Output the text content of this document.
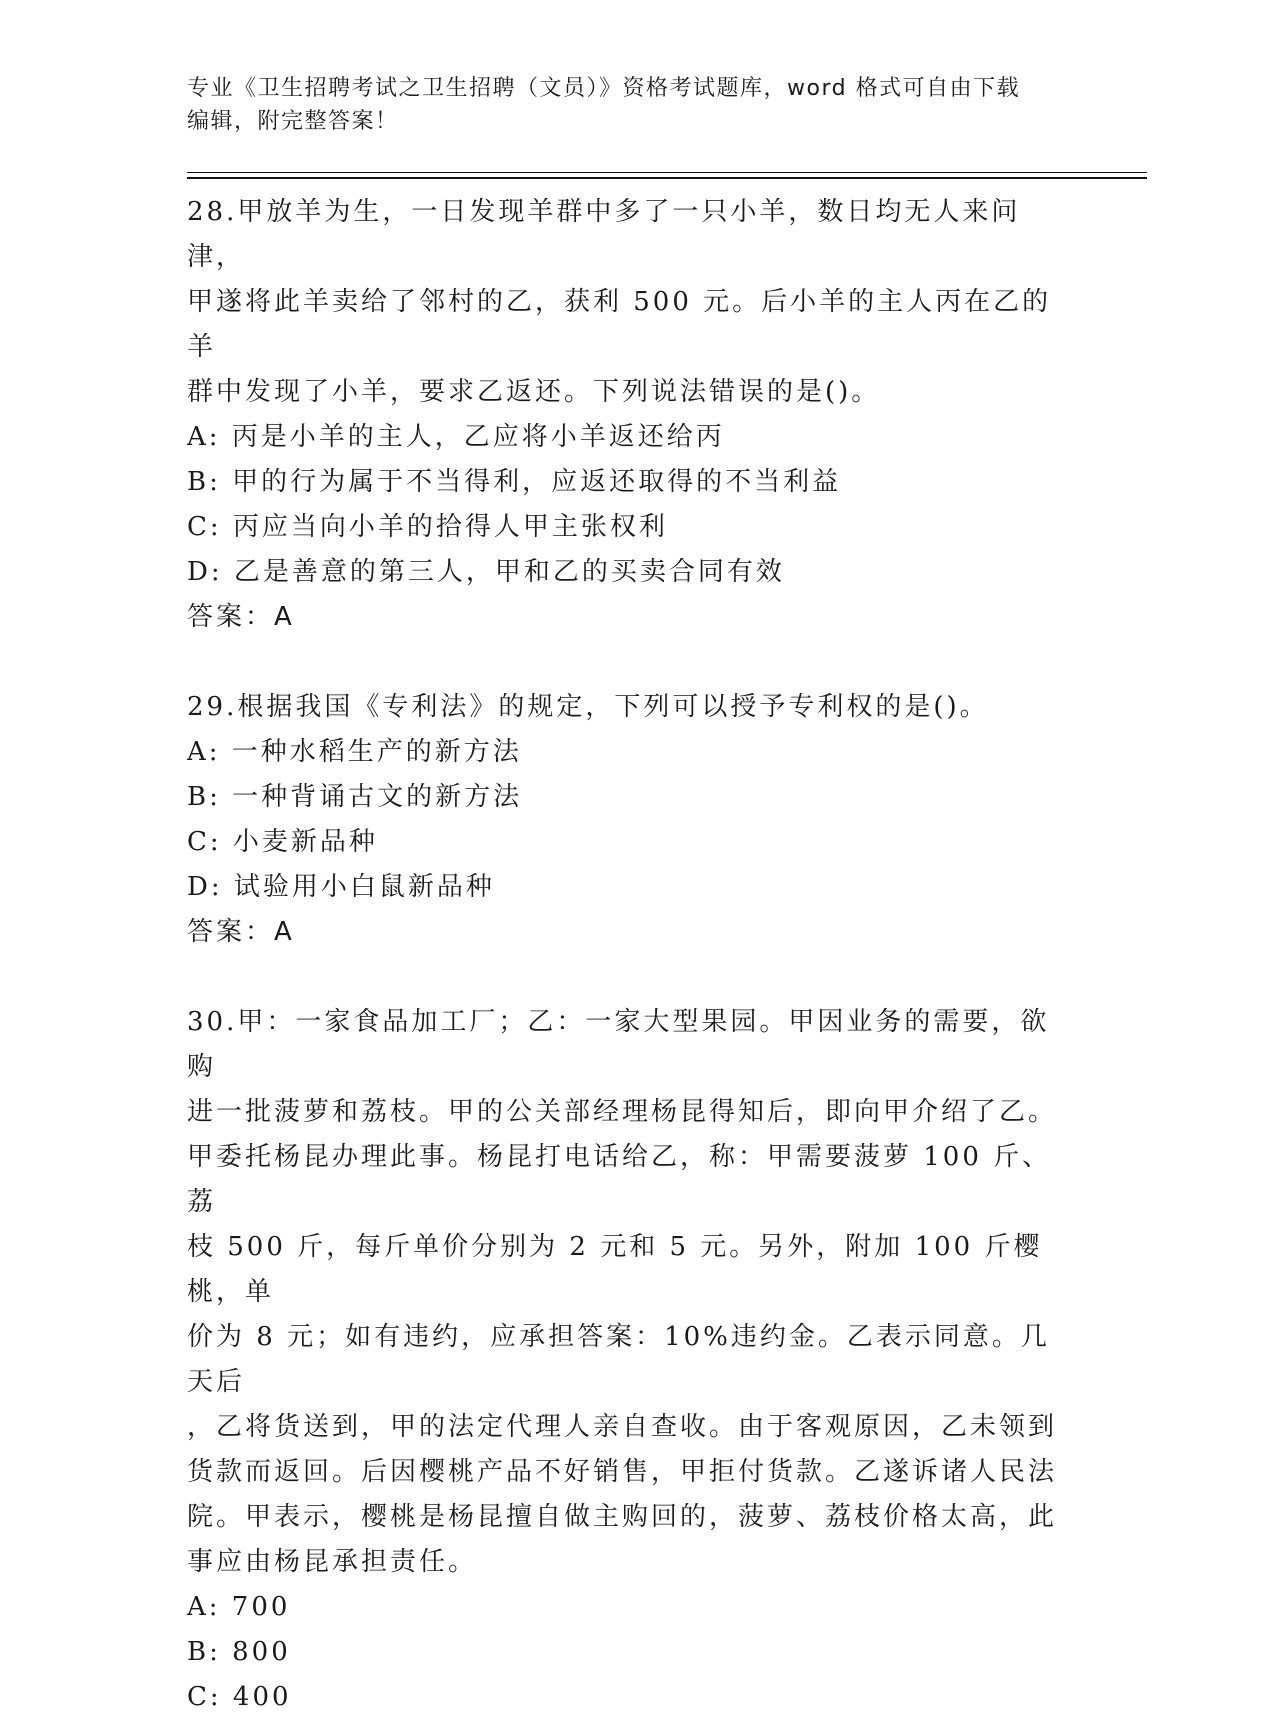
专业《卫生招聘考试之卫生招聘（文员）》资格考试题库，word 格式可自由下载
编辑，附完整答案！

28.甲放羊为生，一日发现羊群中多了一只小羊，数日均无人来问津，

甲遂将此羊卖给了邻村的乙，获利 500 元。后小羊的主人丙在乙的羊

群中发现了小羊，要求乙返还。下列说法错误的是()。

A: 丙是小羊的主人，乙应将小羊返还给丙

B: 甲的行为属于不当得利，应返还取得的不当利益

C: 丙应当向小羊的拾得人甲主张权利

D: 乙是善意的第三人，甲和乙的买卖合同有效

答案：A

29.根据我国《专利法》的规定，下列可以授予专利权的是()。

A: 一种水稻生产的新方法

B: 一种背诵古文的新方法

C: 小麦新品种

D: 试验用小白鼠新品种

答案：A

30.甲：一家食品加工厂；乙：一家大型果园。甲因业务的需要，欲购

进一批菠萝和荔枝。甲的公关部经理杨昆得知后，即向甲介绍了乙。

甲委托杨昆办理此事。杨昆打电话给乙，称：甲需要菠萝 100 斤、荔

枝 500 斤，每斤单价分别为 2 元和 5 元。另外，附加 100 斤樱桃，单

价为 8 元；如有违约，应承担答案：10%违约金。乙表示同意。几天后

，乙将货送到，甲的法定代理人亲自查收。由于客观原因，乙未领到

货款而返回。后因樱桃产品不好销售，甲拒付货款。乙遂诉诸人民法

院。甲表示，樱桃是杨昆擅自做主购回的，菠萝、荔枝价格太高，此

事应由杨昆承担责任。

A: 700

B: 800

C: 400
